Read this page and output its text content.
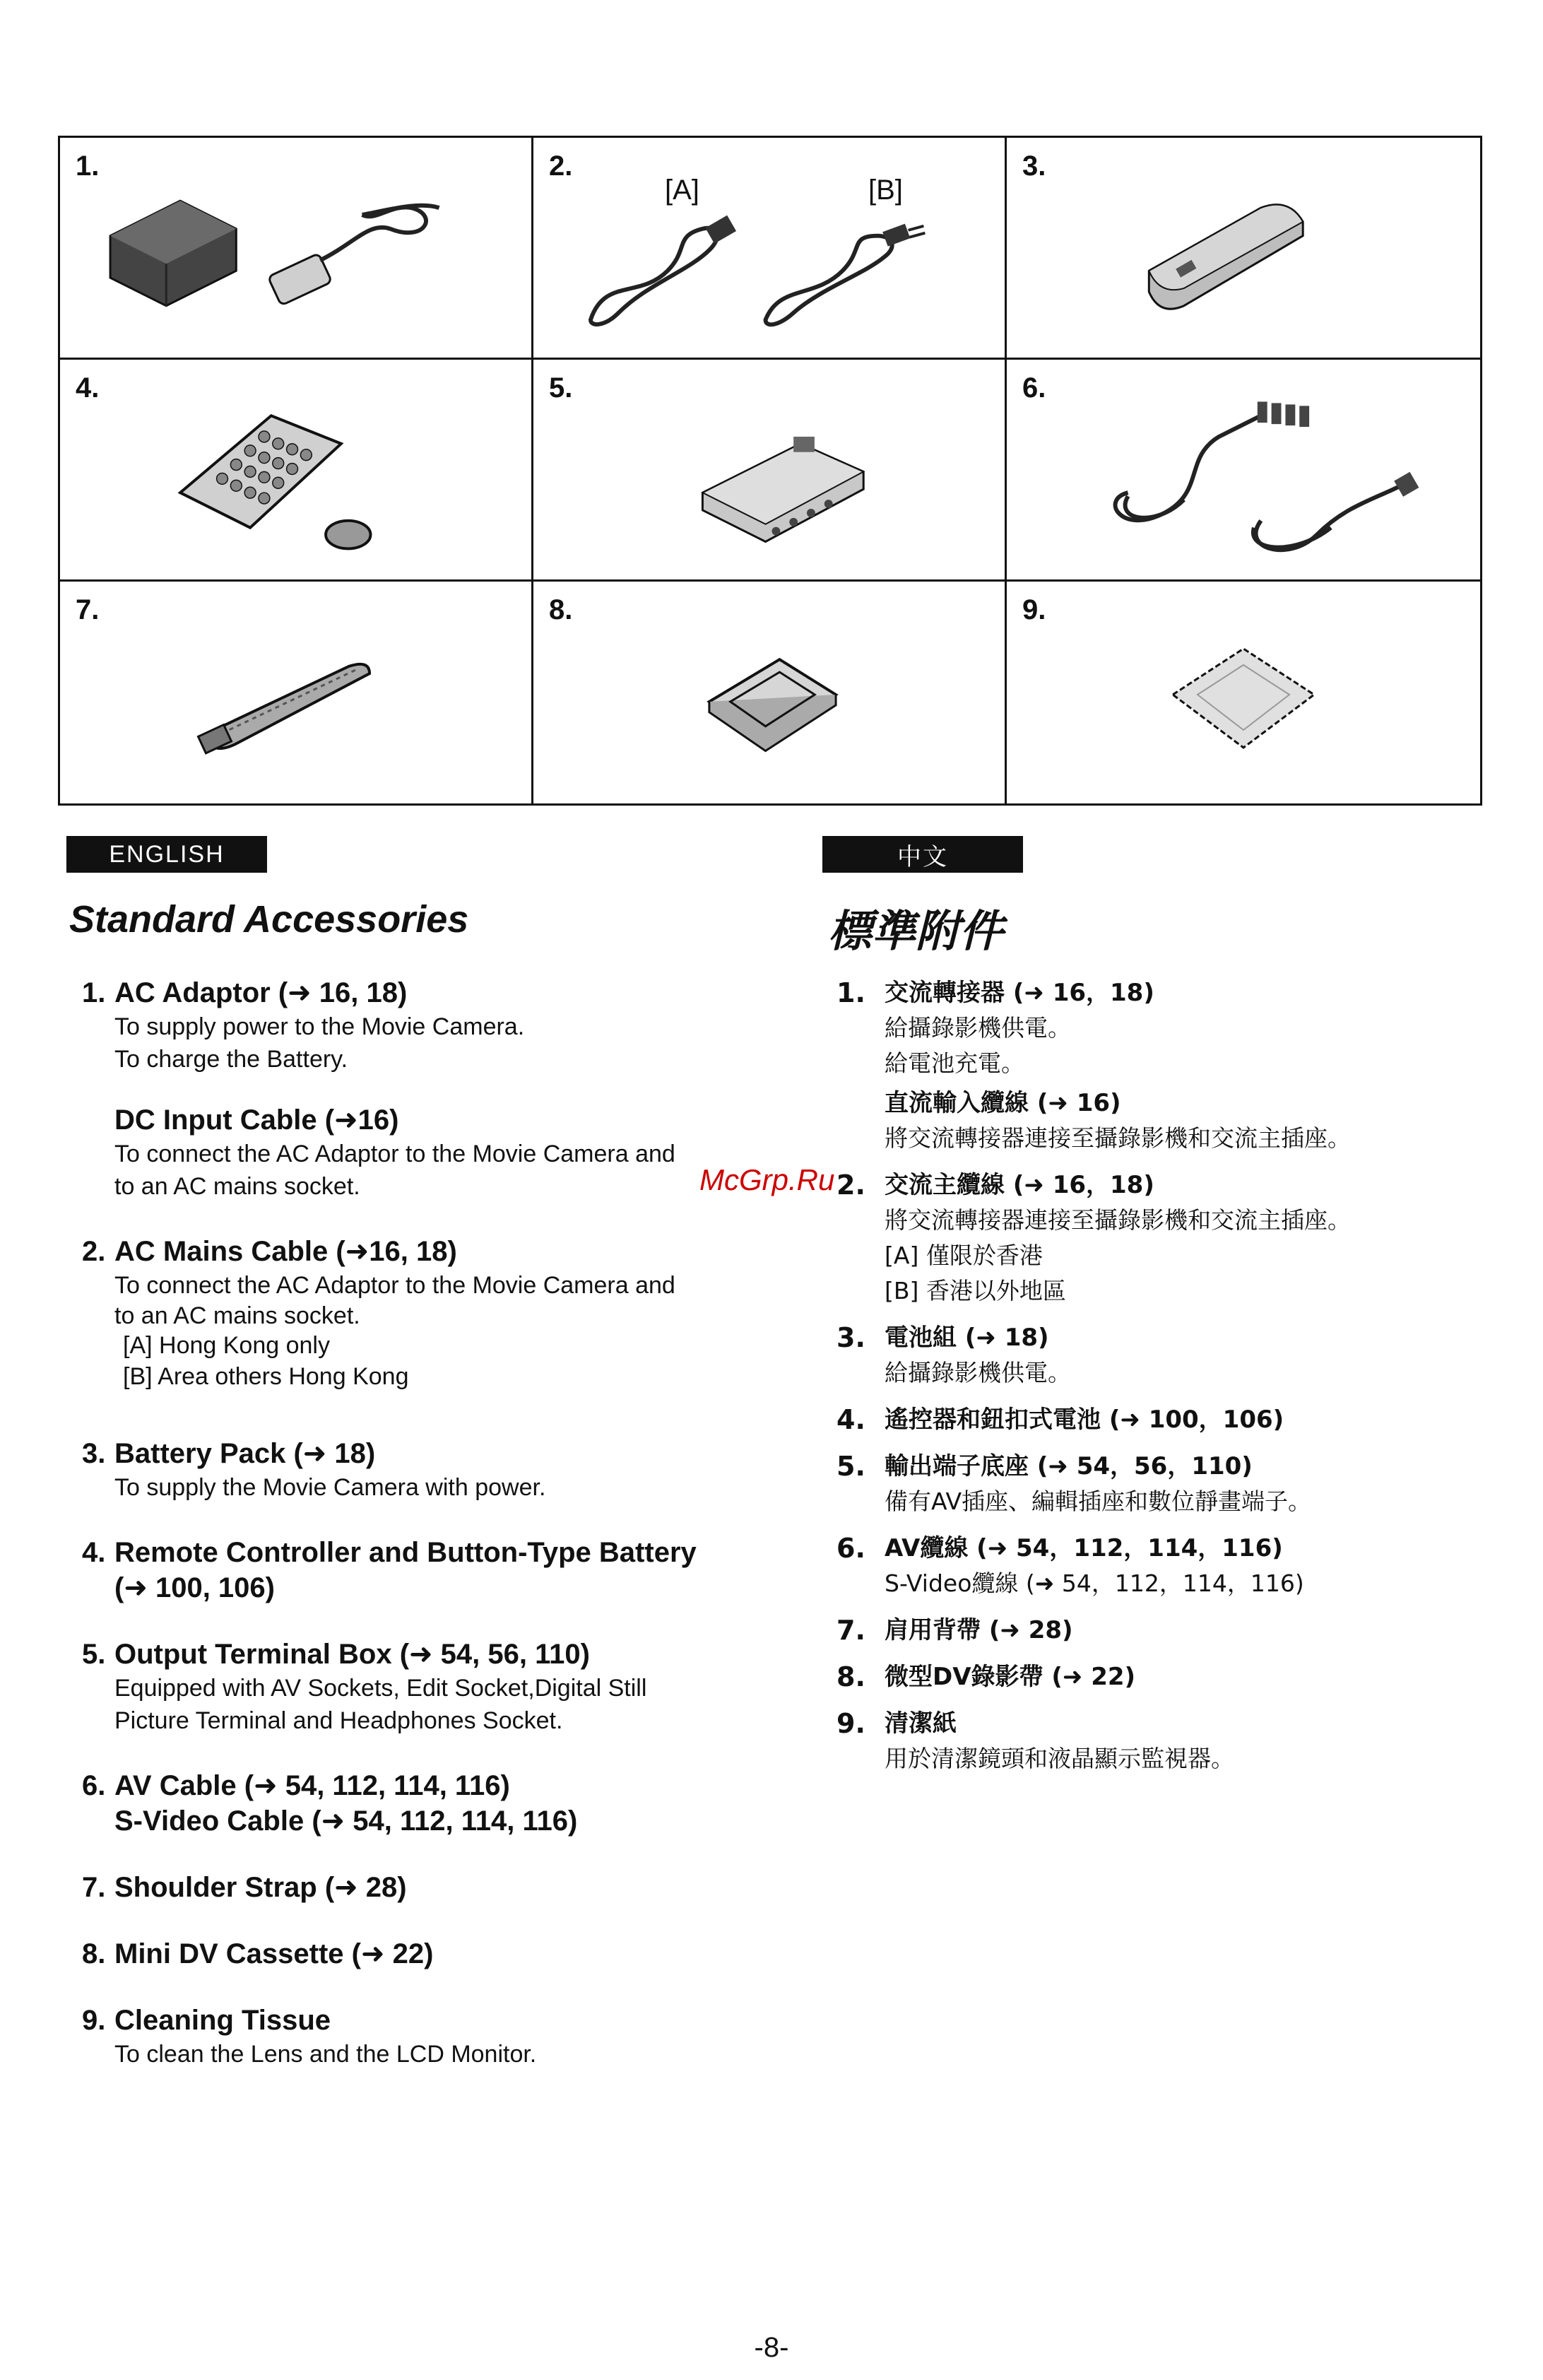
1.	2.
[A]	[B]
3.
4.	5.	6.
7.	8.	9.
ENGLISH	中文
Standard Accessories	標準附件
McGrp.Ru
1. AC Adaptor (➜ 16, 18)
To supply power to the Movie Camera.
To charge the Battery.
DC Input Cable (➜16)
To connect the AC Adaptor to the Movie Camera and
to an AC mains socket.
2. AC Mains Cable (➜16, 18)
To connect the AC Adaptor to the Movie Camera and
to an AC mains socket.
[A] Hong Kong only
[B] Area others Hong Kong
3. Battery Pack (➜ 18)
To supply the Movie Camera with power.
4. Remote Controller and Button-Type Battery
(➜ 100, 106)
5. Output Terminal Box (➜ 54, 56, 110)
Equipped with AV Sockets, Edit Socket,Digital Still
Picture Terminal and Headphones Socket.
6. AV Cable (➜ 54, 112, 114, 116)
S-Video Cable (➜ 54, 112, 114, 116)
7. Shoulder Strap (➜ 28)
8. Mini DV Cassette (➜ 22)
9. Cleaning Tissue
To clean the Lens and the LCD Monitor.
1. 交流轉接器 (➜ 16，18)
給攝錄影機供電。
給電池充電。
直流輸入纜線 (➜ 16)
將交流轉接器連接至攝錄影機和交流主插座。
2. 交流主纜線 (➜ 16，18)
將交流轉接器連接至攝錄影機和交流主插座。
[A] 僅限於香港
[B] 香港以外地區
3. 電池組 (➜ 18)
給攝錄影機供電。
4. 遙控器和鈕扣式電池 (➜ 100，106)
5. 輸出端子底座 (➜ 54，56，110)
備有AV插座、編輯插座和數位靜畫端子。
6. AV纜線 (➜ 54，112，114，116)
S-Video纜線 (➜ 54，112，114，116)
7. 肩用背帶 (➜ 28)
8. 微型DV錄影帶 (➜ 22)
9. 清潔紙
用於清潔鏡頭和液晶顯示監視器。
-8-
